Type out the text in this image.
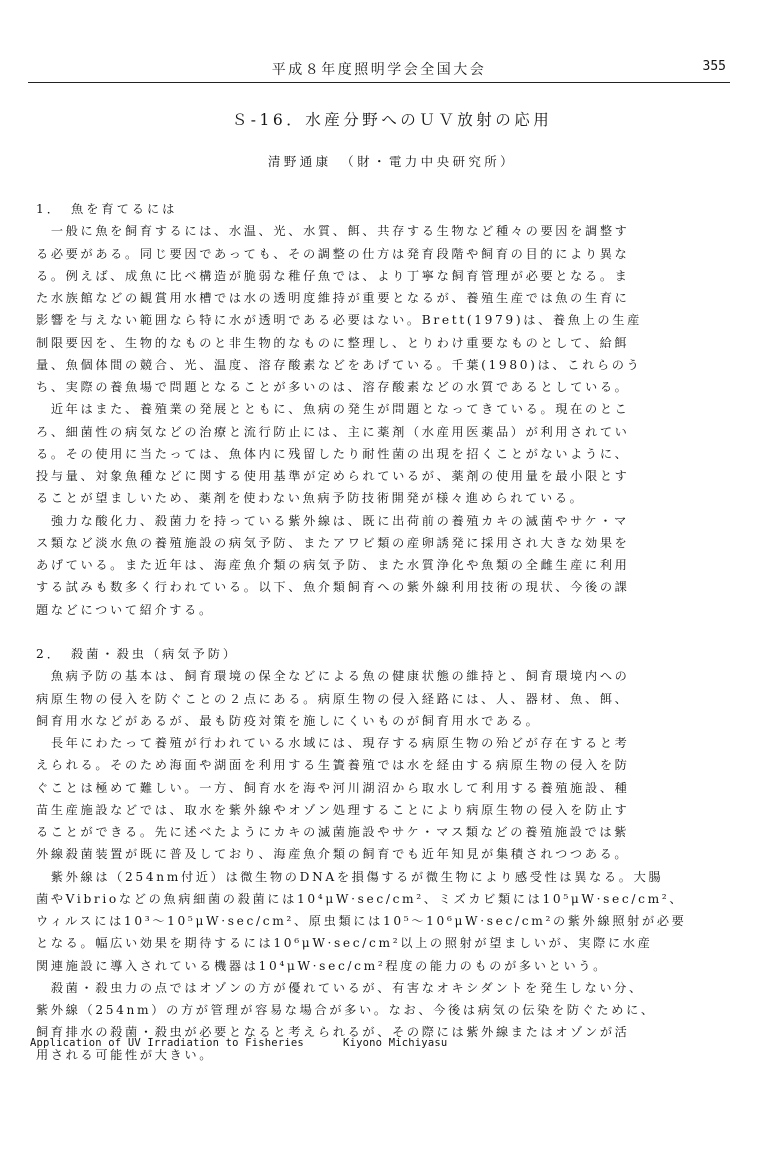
平成８年度照明学会全国大会	355
Ｓ-16．水産分野へのＵＶ放射の応用
清野通康　（財・電力中央研究所）
1．　魚を育てるには
　一般に魚を飼育するには、水温、光、水質、餌、共存する生物など種々の要因を調整す
る必要がある。同じ要因であっても、その調整の仕方は発育段階や飼育の目的により異な
る。例えば、成魚に比べ構造が脆弱な稚仔魚では、より丁寧な飼育管理が必要となる。ま
た水族館などの観賞用水槽では水の透明度維持が重要となるが、養殖生産では魚の生育に
影響を与えない範囲なら特に水が透明である必要はない。Brett(1979)は、養魚上の生産
制限要因を、生物的なものと非生物的なものに整理し、とりわけ重要なものとして、給餌
量、魚個体間の競合、光、温度、溶存酸素などをあげている。千葉(1980)は、これらのう
ち、実際の養魚場で問題となることが多いのは、溶存酸素などの水質であるとしている。
　近年はまた、養殖業の発展とともに、魚病の発生が問題となってきている。現在のとこ
ろ、細菌性の病気などの治療と流行防止には、主に薬剤（水産用医薬品）が利用されてい
る。その使用に当たっては、魚体内に残留したり耐性菌の出現を招くことがないように、
投与量、対象魚種などに関する使用基準が定められているが、薬剤の使用量を最小限とす
ることが望ましいため、薬剤を使わない魚病予防技術開発が様々進められている。
　強力な酸化力、殺菌力を持っている紫外線は、既に出荷前の養殖カキの滅菌やサケ・マ
ス類など淡水魚の養殖施設の病気予防、またアワビ類の産卵誘発に採用され大きな効果を
あげている。また近年は、海産魚介類の病気予防、また水質浄化や魚類の全雌生産に利用
する試みも数多く行われている。以下、魚介類飼育への紫外線利用技術の現状、今後の課
題などについて紹介する。
2．　殺菌・殺虫（病気予防）
　魚病予防の基本は、飼育環境の保全などによる魚の健康状態の維持と、飼育環境内への
病原生物の侵入を防ぐことの２点にある。病原生物の侵入経路には、人、器材、魚、餌、
飼育用水などがあるが、最も防疫対策を施しにくいものが飼育用水である。
　長年にわたって養殖が行われている水域には、現存する病原生物の殆どが存在すると考
えられる。そのため海面や湖面を利用する生簀養殖では水を経由する病原生物の侵入を防
ぐことは極めて難しい。一方、飼育水を海や河川湖沼から取水して利用する養殖施設、種
苗生産施設などでは、取水を紫外線やオゾン処理することにより病原生物の侵入を防止す
ることができる。先に述べたようにカキの滅菌施設やサケ・マス類などの養殖施設では紫
外線殺菌装置が既に普及しており、海産魚介類の飼育でも近年知見が集積されつつある。
　紫外線は（254nm付近）は微生物のDNAを損傷するが微生物により感受性は異なる。大腸
菌やVibrioなどの魚病細菌の殺菌には10⁴μW·sec/cm²、ミズカビ類には10⁵μW·sec/cm²、
ウィルスには10³～10⁵μW·sec/cm²、原虫類には10⁵～10⁶μW·sec/cm²の紫外線照射が必要
となる。幅広い効果を期待するには10⁶μW·sec/cm²以上の照射が望ましいが、実際に水産
関連施設に導入されている機器は10⁴μW·sec/cm²程度の能力のものが多いという。
　殺菌・殺虫力の点ではオゾンの方が優れているが、有害なオキシダントを発生しない分、
紫外線（254nm）の方が管理が容易な場合が多い。なお、今後は病気の伝染を防ぐために、
飼育排水の殺菌・殺虫が必要となると考えられるが、その際には紫外線またはオゾンが活
用される可能性が大きい。
Application of UV Irradiation to Fisheries	Kiyono Michiyasu
